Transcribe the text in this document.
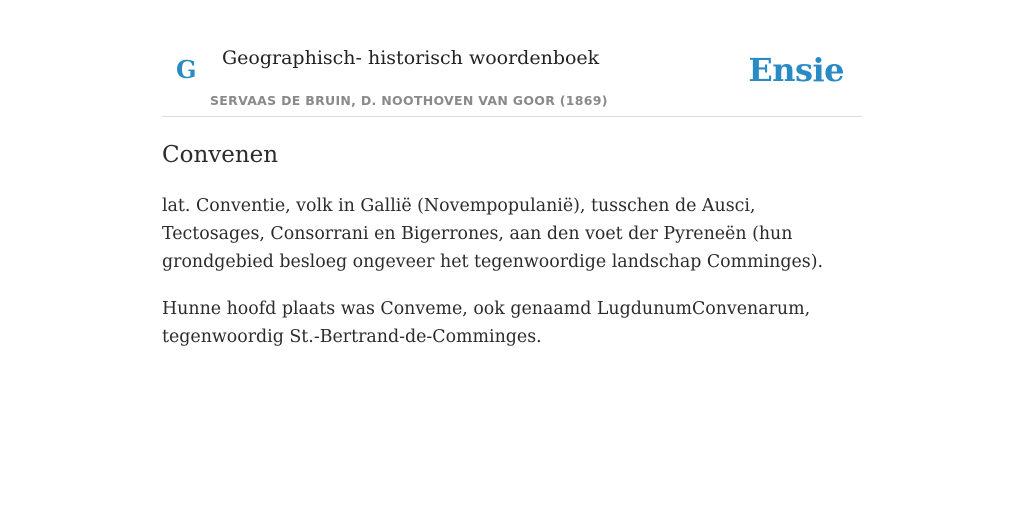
G Geographisch- historisch woordenboek
SERVAAS DE BRUIN, D. NOOTHOVEN VAN GOOR (1869)
Ensie
Convenen

lat. Conventie, volk in Gallië (Novempopulanië), tusschen de Ausci, Tectosages, Consorrani en Bigerrones, aan den voet der Pyreneën (hun grondgebied besloeg ongeveer het tegenwoordige landschap Comminges).

Hunne hoofd plaats was Conveme, ook genaamd LugdunumConvenarum, tegenwoordig St.-Bertrand-de-Comminges.
